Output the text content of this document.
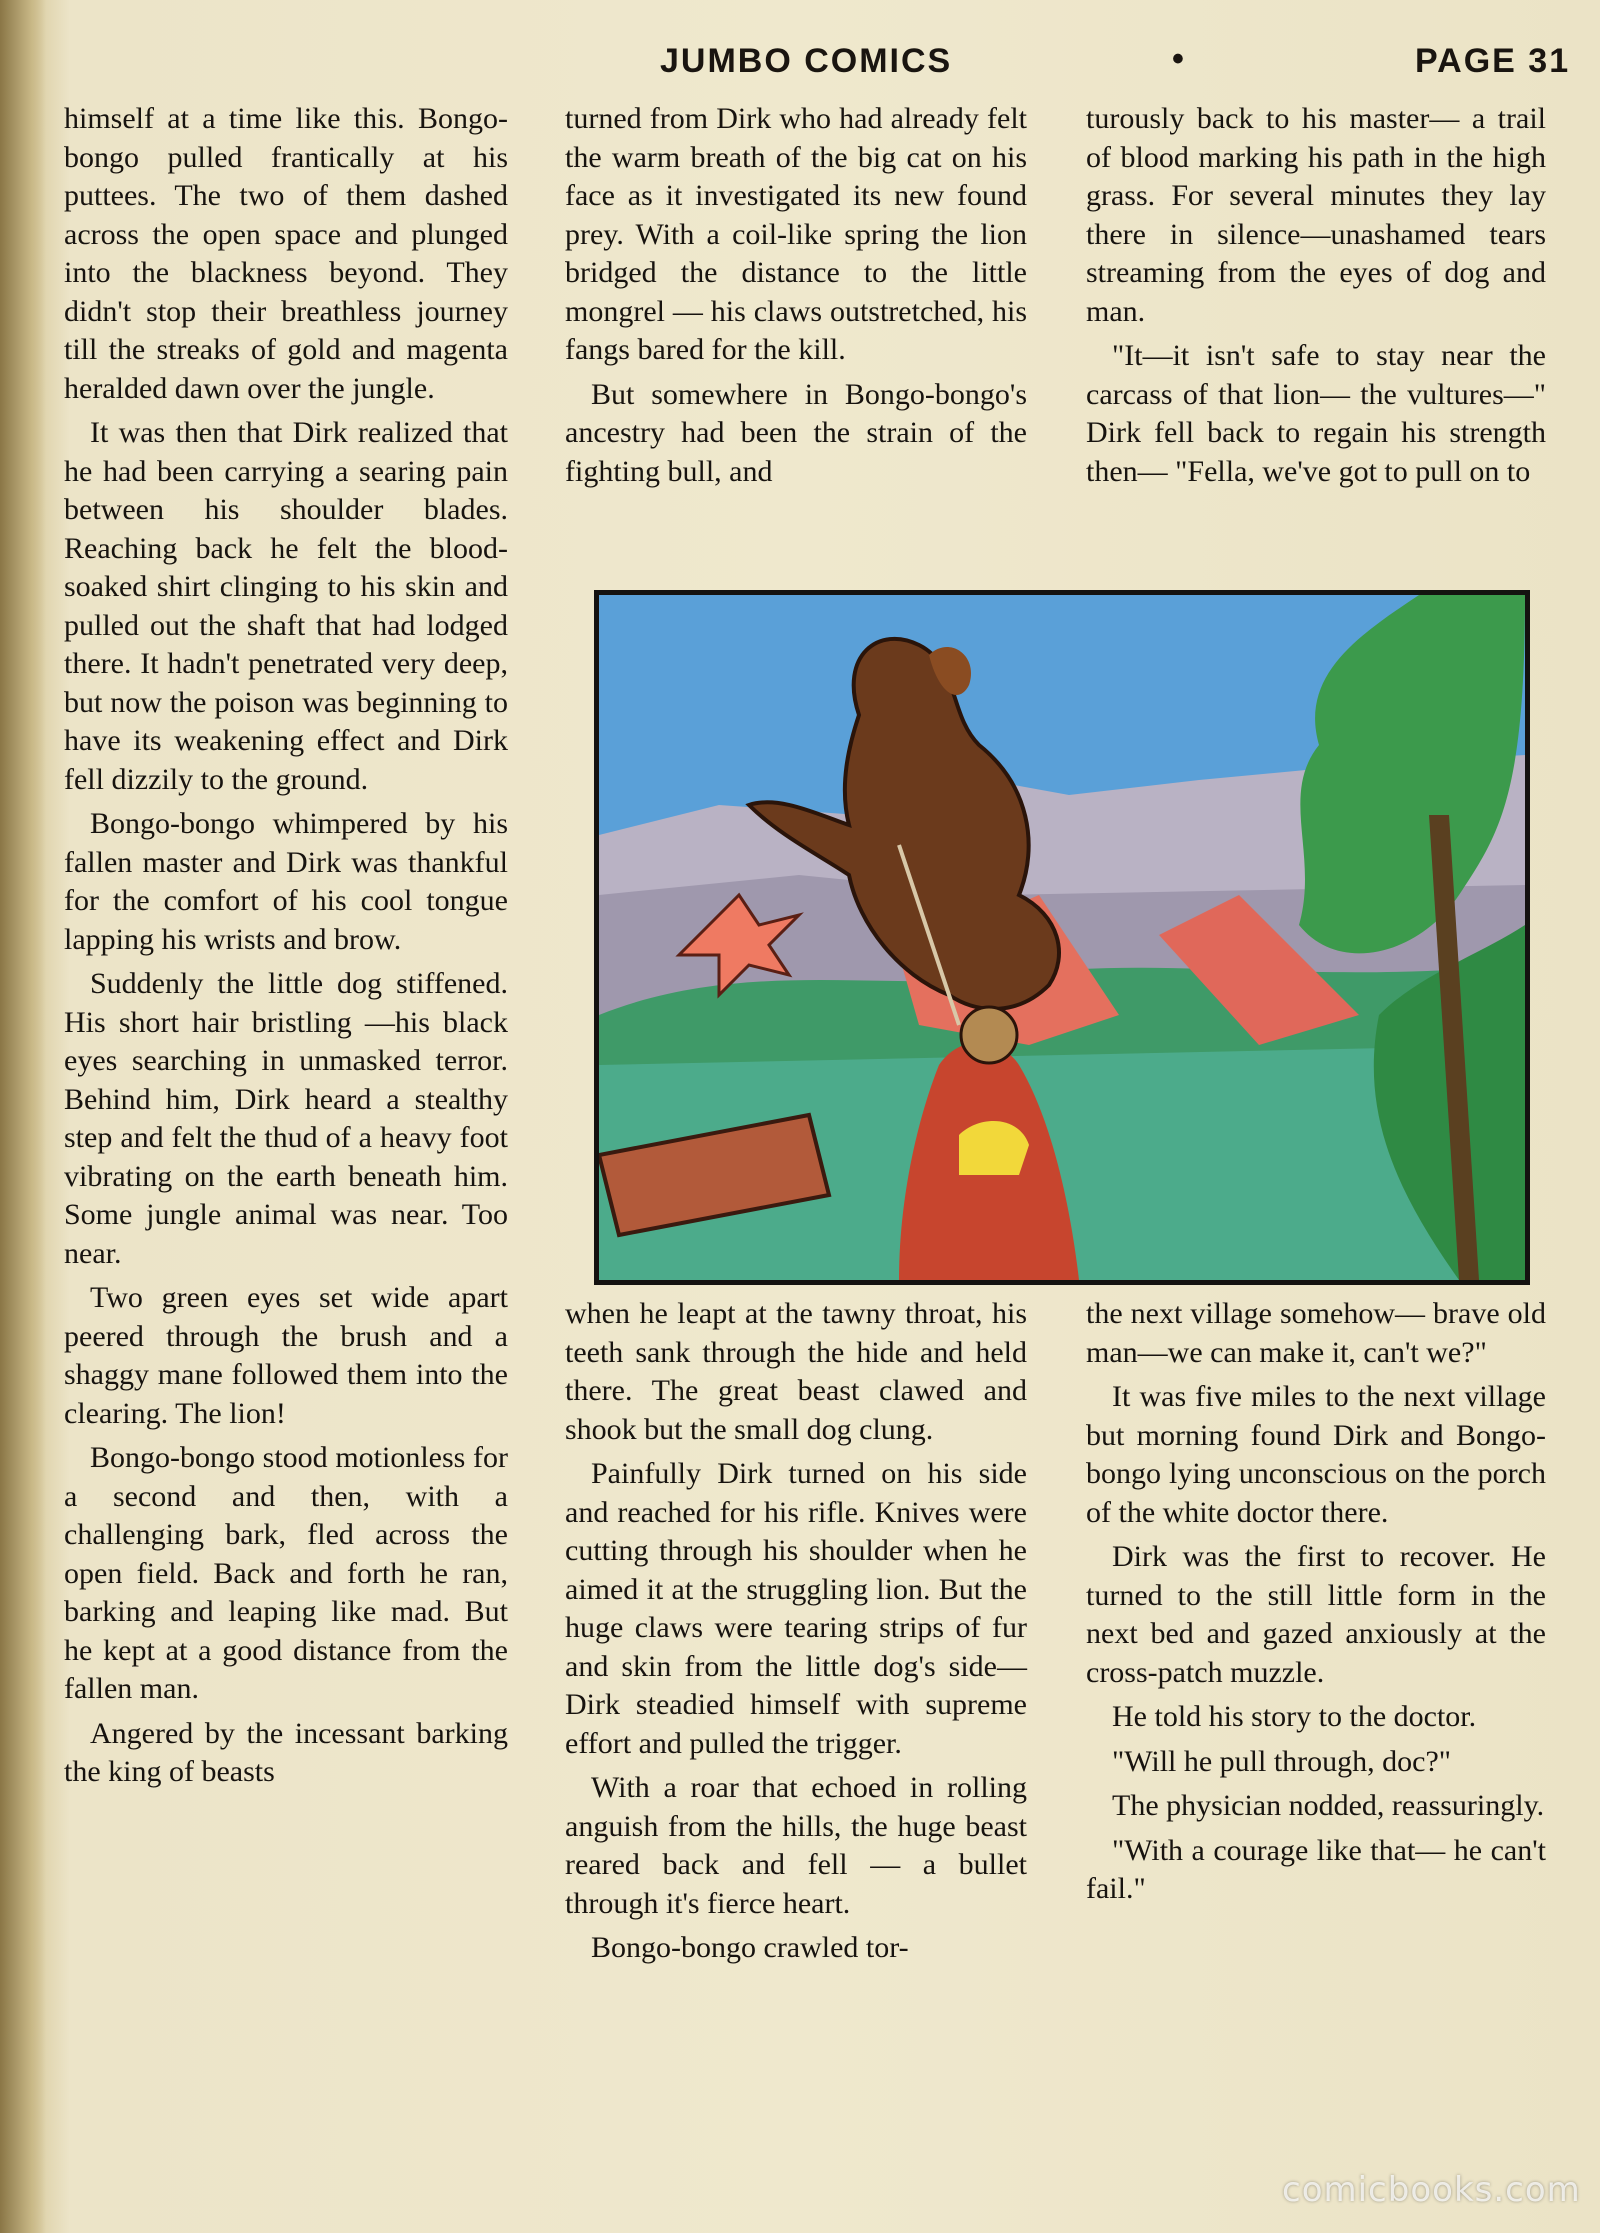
JUMBO COMICS	•	PAGE 31

himself at a time like this. Bongo-bongo pulled frantically at his puttees. The two of them dashed across the open space and plunged into the blackness beyond. They didn't stop their breathless journey till the streaks of gold and magenta heralded dawn over the jungle.

It was then that Dirk realized that he had been carrying a searing pain between his shoulder blades. Reaching back he felt the blood-soaked shirt clinging to his skin and pulled out the shaft that had lodged there. It hadn't penetrated very deep, but now the poison was beginning to have its weakening effect and Dirk fell dizzily to the ground.

Bongo-bongo whimpered by his fallen master and Dirk was thankful for the comfort of his cool tongue lapping his wrists and brow.

Suddenly the little dog stiffened. His short hair bristling —his black eyes searching in unmasked terror. Behind him, Dirk heard a stealthy step and felt the thud of a heavy foot vibrating on the earth beneath him. Some jungle animal was near. Too near.

Two green eyes set wide apart peered through the brush and a shaggy mane followed them into the clearing. The lion!

Bongo-bongo stood motionless for a second and then, with a challenging bark, fled across the open field. Back and forth he ran, barking and leaping like mad. But he kept at a good distance from the fallen man.

Angered by the incessant barking the king of beasts

turned from Dirk who had already felt the warm breath of the big cat on his face as it investigated its new found prey. With a coil-like spring the lion bridged the distance to the little mongrel — his claws outstretched, his fangs bared for the kill.

But somewhere in Bongo-bongo's ancestry had been the strain of the fighting bull, and

turously back to his master— a trail of blood marking his path in the high grass. For several minutes they lay there in silence—unashamed tears streaming from the eyes of dog and man.

"It—it isn't safe to stay near the carcass of that lion— the vultures—" Dirk fell back to regain his strength then— "Fella, we've got to pull on to

when he leapt at the tawny throat, his teeth sank through the hide and held there. The great beast clawed and shook but the small dog clung.

Painfully Dirk turned on his side and reached for his rifle. Knives were cutting through his shoulder when he aimed it at the struggling lion. But the huge claws were tearing strips of fur and skin from the little dog's side—Dirk steadied himself with supreme effort and pulled the trigger.

With a roar that echoed in rolling anguish from the hills, the huge beast reared back and fell — a bullet through it's fierce heart.

Bongo-bongo crawled tor-

the next village somehow— brave old man—we can make it, can't we?"

It was five miles to the next village but morning found Dirk and Bongo-bongo lying unconscious on the porch of the white doctor there.

Dirk was the first to recover. He turned to the still little form in the next bed and gazed anxiously at the cross-patch muzzle.

He told his story to the doctor.

"Will he pull through, doc?"

The physician nodded, reassuringly.

"With a courage like that— he can't fail."

comicbooks.com
